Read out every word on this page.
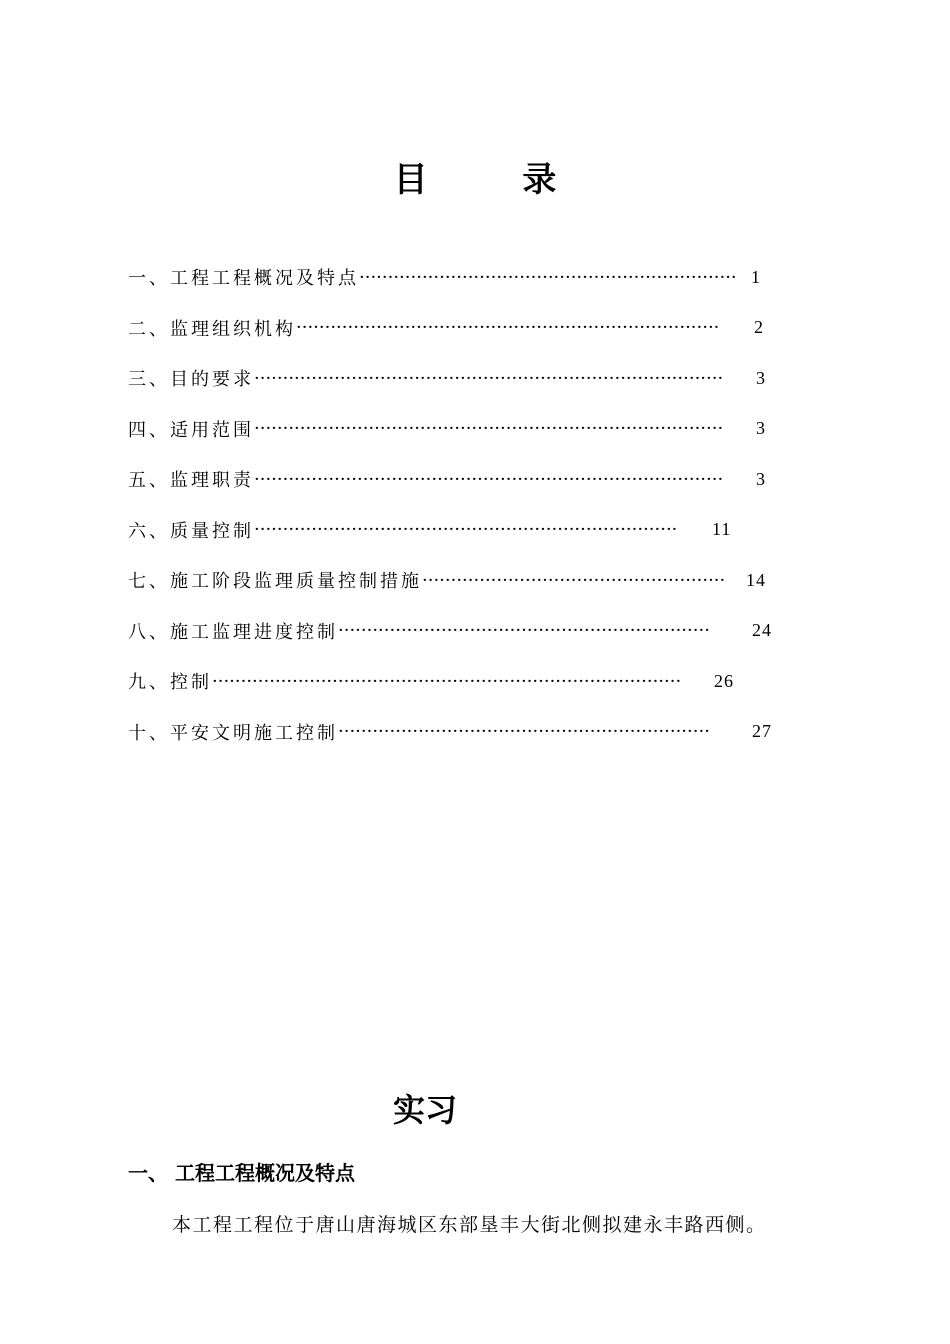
目        录
一、工程工程概况及特点 ·································································· 1
二、监理组织机构 ··········································································	2
三、目的要求 ··················································································	3
四、适用范围 ··················································································	3
五、监理职责 ··················································································	3
六、质量控制 ··········································································	11
七、施工阶段监理质量控制措施 ·····················································	14
八、施工监理进度控制 ·································································	24
九、控制 ··················································································	26
十、平安文明施工控制 ·································································	27
实习
一、 工程工程概况及特点
本工程工程位于唐山唐海城区东部垦丰大街北侧拟建永丰路西侧。
